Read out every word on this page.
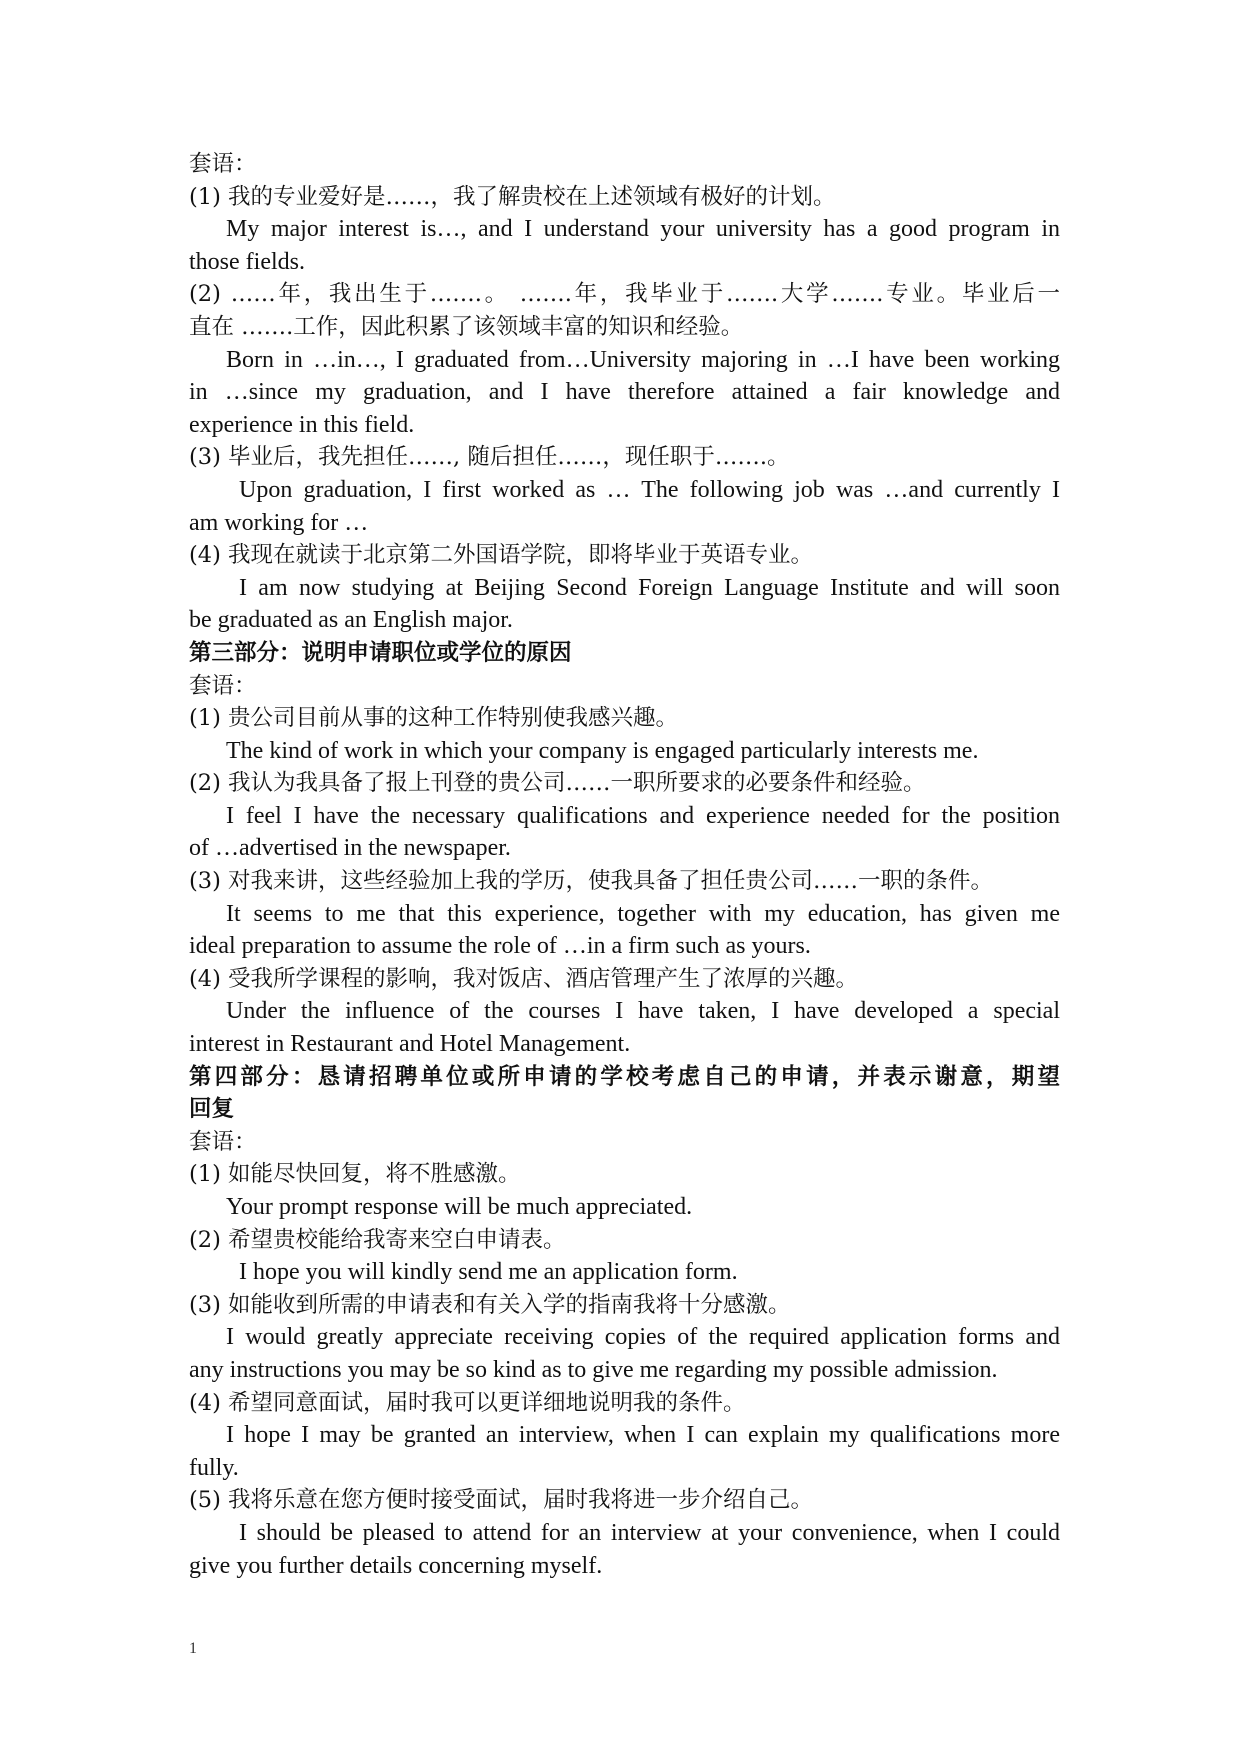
套语：
(1) 我的专业爱好是……，我了解贵校在上述领域有极好的计划。
My major interest is…, and I understand your university has a good program in
those fields.
(2) ……年，我出生于…….。 …….年，我毕业于…….大学…….专业。毕业后一
直在 …….工作，因此积累了该领域丰富的知识和经验。
Born in …in…, I graduated from…University majoring in …I have been working
in …since my graduation, and I have therefore attained a fair knowledge and
experience in this field.
(3) 毕业后，我先担任……, 随后担任……，现任职于…….。
Upon graduation, I first worked as … The following job was …and currently I
am working for …
(4) 我现在就读于北京第二外国语学院，即将毕业于英语专业。
I am now studying at Beijing Second Foreign Language Institute and will soon
be graduated as an English major.
第三部分：说明申请职位或学位的原因
套语：
(1) 贵公司目前从事的这种工作特别使我感兴趣。
The kind of work in which your company is engaged particularly interests me.
(2) 我认为我具备了报上刊登的贵公司……一职所要求的必要条件和经验。
I feel I have the necessary qualifications and experience needed for the position
of …advertised in the newspaper.
(3) 对我来讲，这些经验加上我的学历，使我具备了担任贵公司……一职的条件。
It seems to me that this experience, together with my education, has given me
ideal preparation to assume the role of …in a firm such as yours.
(4) 受我所学课程的影响，我对饭店、酒店管理产生了浓厚的兴趣。
Under the influence of the courses I have taken, I have developed a special
interest in Restaurant and Hotel Management.
第四部分：恳请招聘单位或所申请的学校考虑自己的申请，并表示谢意，期望
回复
套语：
(1) 如能尽快回复，将不胜感激。
Your prompt response will be much appreciated.
(2) 希望贵校能给我寄来空白申请表。
I hope you will kindly send me an application form.
(3) 如能收到所需的申请表和有关入学的指南我将十分感激。
I would greatly appreciate receiving copies of the required application forms and
any instructions you may be so kind as to give me regarding my possible admission.
(4) 希望同意面试，届时我可以更详细地说明我的条件。
I hope I may be granted an interview, when I can explain my qualifications more
fully.
(5) 我将乐意在您方便时接受面试，届时我将进一步介绍自己。
I should be pleased to attend for an interview at your convenience, when I could
give you further details concerning myself.
1
